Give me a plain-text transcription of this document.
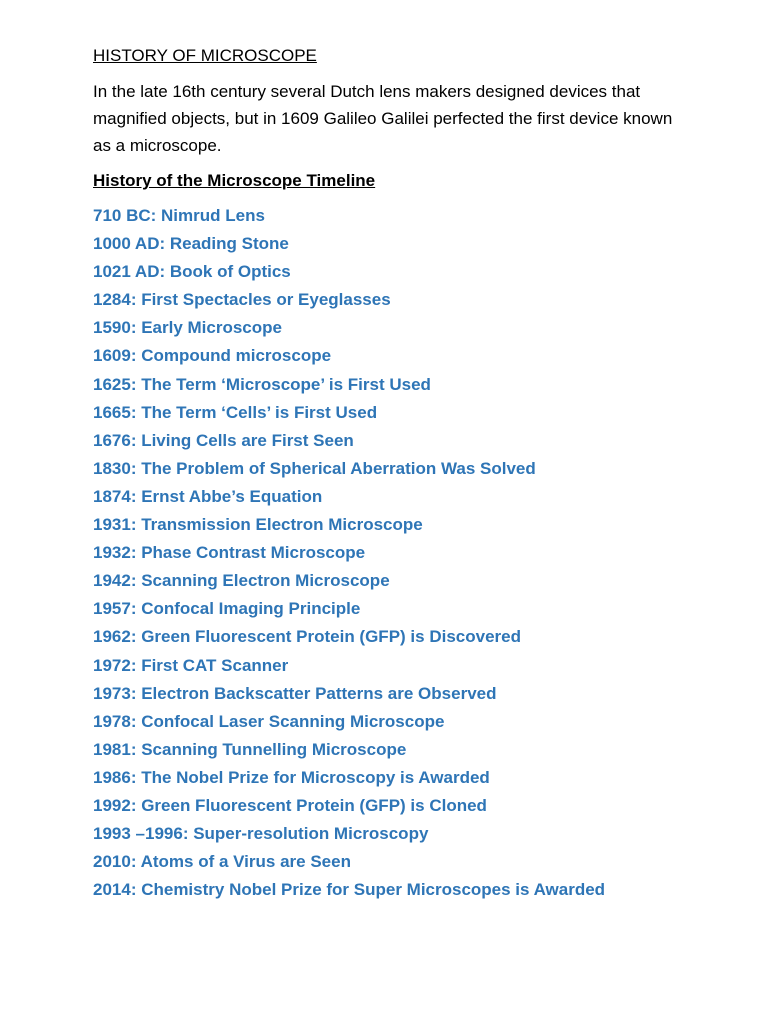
HISTORY OF MICROSCOPE

In the late 16th century several Dutch lens makers designed devices that magnified objects, but in 1609 Galileo Galilei perfected the first device known as a microscope.

History of the Microscope Timeline
710 BC: Nimrud Lens
1000 AD: Reading Stone
1021 AD: Book of Optics
1284: First Spectacles or Eyeglasses
1590: Early Microscope
1609: Compound microscope
1625: The Term ‘Microscope’ is First Used
1665: The Term ‘Cells’ is First Used
1676: Living Cells are First Seen
1830: The Problem of Spherical Aberration Was Solved
1874: Ernst Abbe’s Equation
1931: Transmission Electron Microscope
1932: Phase Contrast Microscope
1942: Scanning Electron Microscope
1957: Confocal Imaging Principle
1962: Green Fluorescent Protein (GFP) is Discovered
1972: First CAT Scanner
1973: Electron Backscatter Patterns are Observed
1978: Confocal Laser Scanning Microscope
1981: Scanning Tunnelling Microscope
1986: The Nobel Prize for Microscopy is Awarded
1992: Green Fluorescent Protein (GFP) is Cloned
1993 –1996: Super-resolution Microscopy
2010: Atoms of a Virus are Seen
2014: Chemistry Nobel Prize for Super Microscopes is Awarded
